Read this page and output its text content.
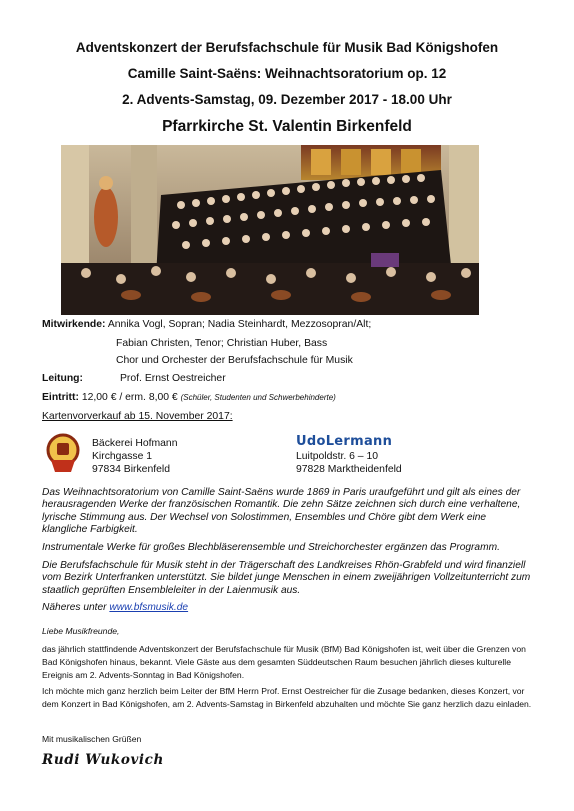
Adventskonzert der Berufsfachschule für Musik Bad Königshofen
Camille Saint-Saëns: Weihnachtsoratorium op. 12
2. Advents-Samstag, 09. Dezember 2017 - 18.00 Uhr
Pfarrkirche St. Valentin Birkenfeld
Mitwirkende: Annika Vogl, Sopran; Nadia Steinhardt, Mezzosopran/Alt;
Fabian Christen, Tenor; Christian Huber, Bass
Chor und Orchester der Berufsfachschule für Musik
Leitung:	Prof. Ernst Oestreicher
Eintritt: 12,00 € / erm. 8,00 € (Schüler, Studenten und Schwerbehinderte)
Kartenvorverkauf ab 15. November 2017:
Bäckerei Hofmann
Kirchgasse 1
97834 Birkenfeld
UdoLermann
Luitpoldstr. 6 – 10
97828 Marktheidenfeld
Das Weihnachtsoratorium von Camille Saint-Saëns wurde 1869 in Paris uraufgeführt und gilt als eines der herausragenden Werke der französischen Romantik. Die zehn Sätze zeichnen sich durch eine verhaltene, lyrische Stimmung aus. Der Wechsel von Solostimmen, Ensembles und Chöre gibt dem Werk eine klangliche Farbigkeit.
Instrumentale Werke für großes Blechbläserensemble und Streichorchester ergänzen das Programm.
Die Berufsfachschule für Musik steht in der Trägerschaft des Landkreises Rhön-Grabfeld und wird finanziell vom Bezirk Unterfranken unterstützt. Sie bildet junge Menschen in einem zweijährigen Vollzeitunterricht zum staatlich geprüften Ensembleleiter in der Laienmusik aus.
Näheres unter www.bfsmusik.de
Liebe Musikfreunde,
das jährlich stattfindende Adventskonzert der Berufsfachschule für Musik (BfM) Bad Königshofen ist, weit über die Grenzen von Bad Königshofen hinaus, bekannt. Viele Gäste aus dem gesamten Süddeutschen Raum besuchen jährlich dieses kulturelle Ereignis am 2. Advents-Sonntag in Bad Königshofen.
Ich möchte mich ganz herzlich beim Leiter der BfM Herrn Prof. Ernst Oestreicher für die Zusage bedanken, dieses Konzert, vor dem Konzert in Bad Königshofen, am 2. Advents-Samstag in Birkenfeld abzuhalten und möchte Sie ganz herzlich dazu einladen.
Mit musikalischen Grüßen
Rudi Wukovich
